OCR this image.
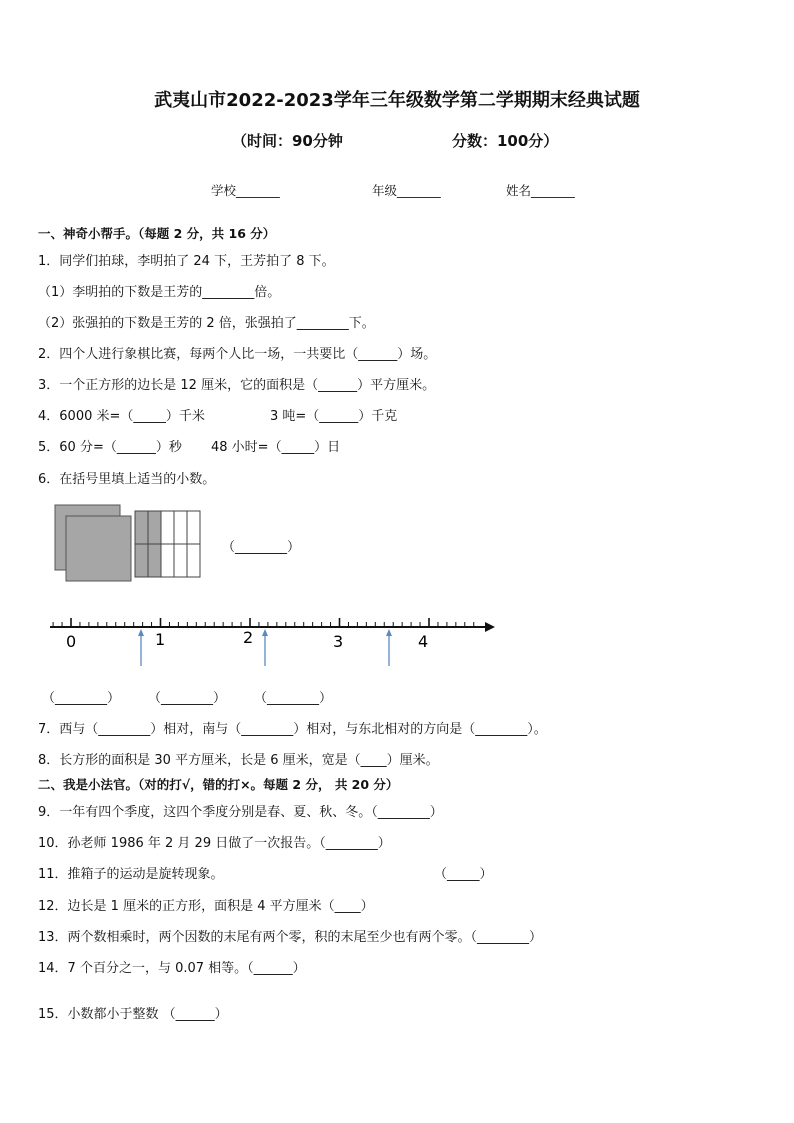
武夷山市2022-2023学年三年级数学第二学期期末经典试题
（时间：90分钟	分数：100分）
学校_______	年级_______	姓名_______
一、神奇小帮手。（每题 2 分，共 16 分）
1．同学们拍球，李明拍了 24 下，王芳拍了 8 下。
（1）李明拍的下数是王芳的________倍。
（2）张强拍的下数是王芳的 2 倍，张强拍了________下。
2．四个人进行象棋比赛，每两个人比一场，一共要比（______）场。
3．一个正方形的边长是 12 厘米，它的面积是（______）平方厘米。
4．6000 米=（_____）千米	3 吨=（______）千克
5．60 分=（______）秒 48 小时=（_____）日
6．在括号里填上适当的小数。
（________）
0	1	2	3	4
（________） （________） （________）
7．西与（________）相对，南与（________）相对，与东北相对的方向是（________）。
8．长方形的面积是 30 平方厘米，长是 6 厘米，宽是（____）厘米。
二、我是小法官。（对的打√，错的打×。每题 2 分， 共 20 分）
9．一年有四个季度，这四个季度分别是春、夏、秋、冬。（________）
10．孙老师 1986 年 2 月 29 日做了一次报告。（________）
11．推箱子的运动是旋转现象。	（_____）
12．边长是 1 厘米的正方形，面积是 4 平方厘米（____）
13．两个数相乘时，两个因数的末尾有两个零，积的末尾至少也有两个零。（________）
14．7 个百分之一，与 0.07 相等。（______）
15．小数都小于整数 （______）
